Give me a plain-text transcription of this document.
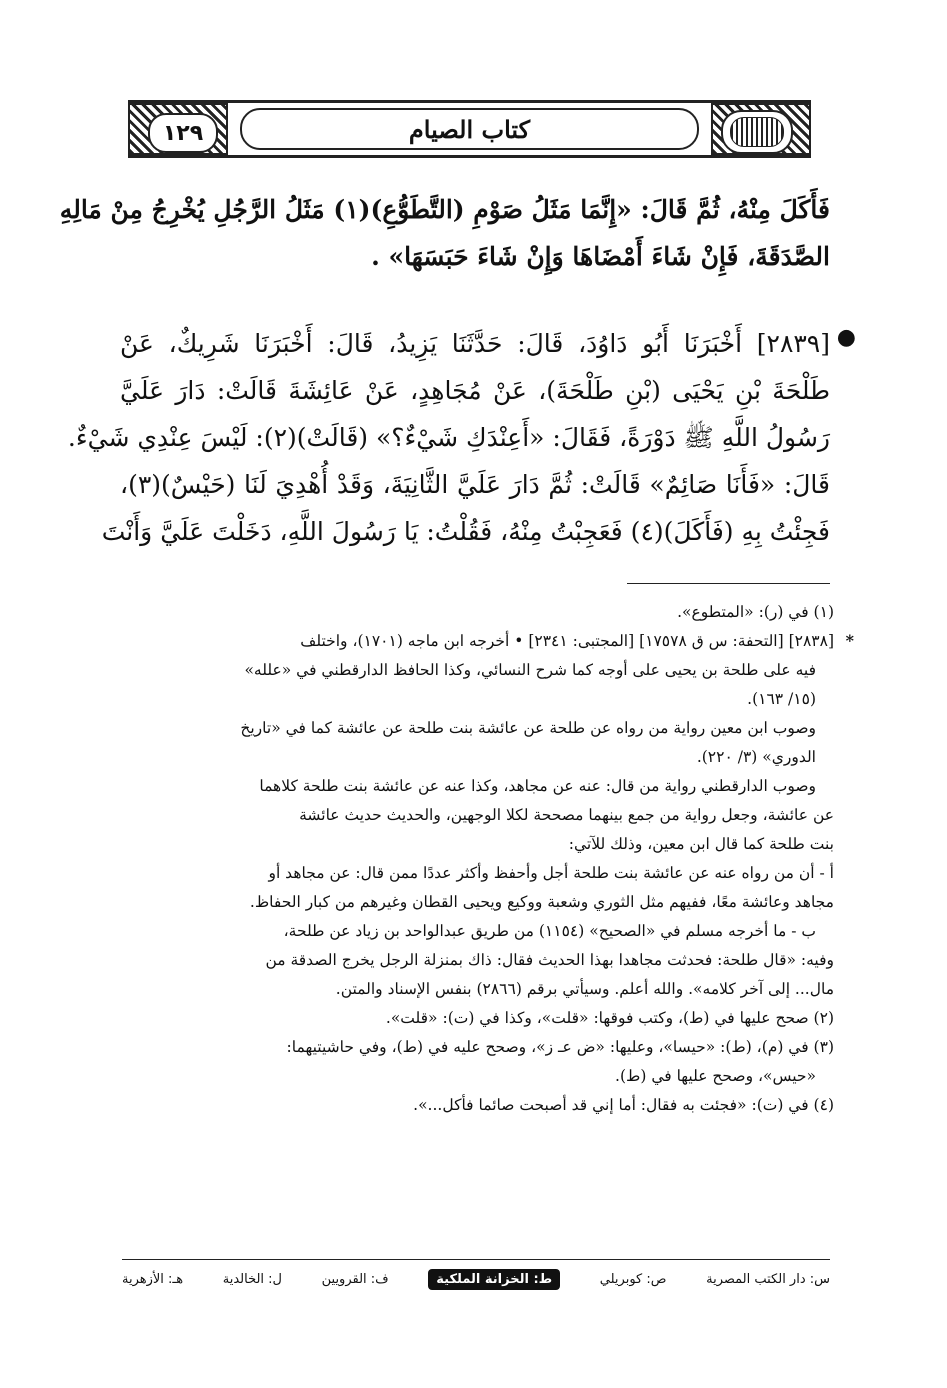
١٢٩	كتاب الصيام
فَأَكَلَ مِنْهُ، ثُمَّ قَالَ: «إِنَّمَا مَثَلُ صَوْمِ (التَّطَوُّعِ)(١) مَثَلُ الرَّجُلِ يُخْرِجُ مِنْ مَالِهِ
الصَّدَقَةَ، فَإِنْ شَاءَ أَمْضَاهَا وَإِنْ شَاءَ حَبَسَهَا» .
●
[٢٨٣٩] أَخْبَرَنَا أَبُو دَاوُدَ، قَالَ: حَدَّثَنَا يَزِيدُ، قَالَ: أَخْبَرَنَا شَرِيكٌ، عَنْ
طَلْحَةَ بْنِ يَحْيَى (بْنِ طَلْحَةَ)، عَنْ مُجَاهِدٍ، عَنْ عَائِشَةَ قَالَتْ: دَارَ عَلَيَّ
رَسُولُ اللَّهِ ﷺ دَوْرَةً، فَقَالَ: «أَعِنْدَكِ شَيْءٌ؟» (قَالَتْ)(٢): لَيْسَ عِنْدِي شَيْءٌ.
قَالَ: «فَأَنَا صَائِمٌ» قَالَتْ: ثُمَّ دَارَ عَلَيَّ الثَّانِيَةَ، وَقَدْ أُهْدِيَ لَنَا (حَيْسٌ)(٣)،
فَجِئْتُ بِهِ (فَأَكَلَ)(٤) فَعَجِبْتُ مِنْهُ، فَقُلْتُ: يَا رَسُولَ اللَّهِ، دَخَلْتَ عَلَيَّ وَأَنْتَ

(١) في (ر): «المتطوع».

*

[٢٨٣٨] [التحفة: س ق ١٧٥٧٨] [المجتبى: ٢٣٤١] • أخرجه ابن ماجه (١٧٠١)، واختلف

فيه على طلحة بن يحيى على أوجه كما شرح النسائي، وكذا الحافظ الدارقطني في «علله»

(١٥/ ١٦٣).

وصوب ابن معين رواية من رواه عن طلحة عن عائشة بنت طلحة عن عائشة كما في «تاريخ

الدوري» (٣/ ٢٢٠).

وصوب الدارقطني رواية من قال: عنه عن مجاهد، وكذا عنه عن عائشة بنت طلحة كلاهما

عن عائشة، وجعل رواية من جمع بينهما مصححة لكلا الوجهين، والحديث حديث عائشة

بنت طلحة كما قال ابن معين، وذلك للآتي:

أ - أن من رواه عنه عن عائشة بنت طلحة أجل وأحفظ وأكثر عددًا ممن قال: عن مجاهد أو

مجاهد وعائشة معًا، ففيهم مثل الثوري وشعبة ووكيع ويحيى القطان وغيرهم من كبار الحفاظ.

ب - ما أخرجه مسلم في «الصحيح» (١١٥٤) من طريق عبدالواحد بن زياد عن طلحة،

وفيه: «قال طلحة: فحدثت مجاهدا بهذا الحديث فقال: ذاك بمنزلة الرجل يخرج الصدقة من

مال... إلى آخر كلامه». والله أعلم. وسيأتي برقم (٢٨٦٦) بنفس الإسناد والمتن.

(٢) صحح عليها في (ط)، وكتب فوقها: «قلت»، وكذا في (ت): «قلت».

(٣) في (م)، (ط): «حيسا»، وعليها: «ض عـ ز»، وصحح عليه في (ط)، وفي حاشيتيهما:

«حيس»، وصحح عليها في (ط).

(٤) في (ت): «فجئت به فقال: أما إني قد أصبحت صائما فأكل...».

س: دار الكتب المصرية
ص: كوبريلي
ط: الخزانة الملكية
ف: القرويين
ل: الخالدية
هـ: الأزهرية
